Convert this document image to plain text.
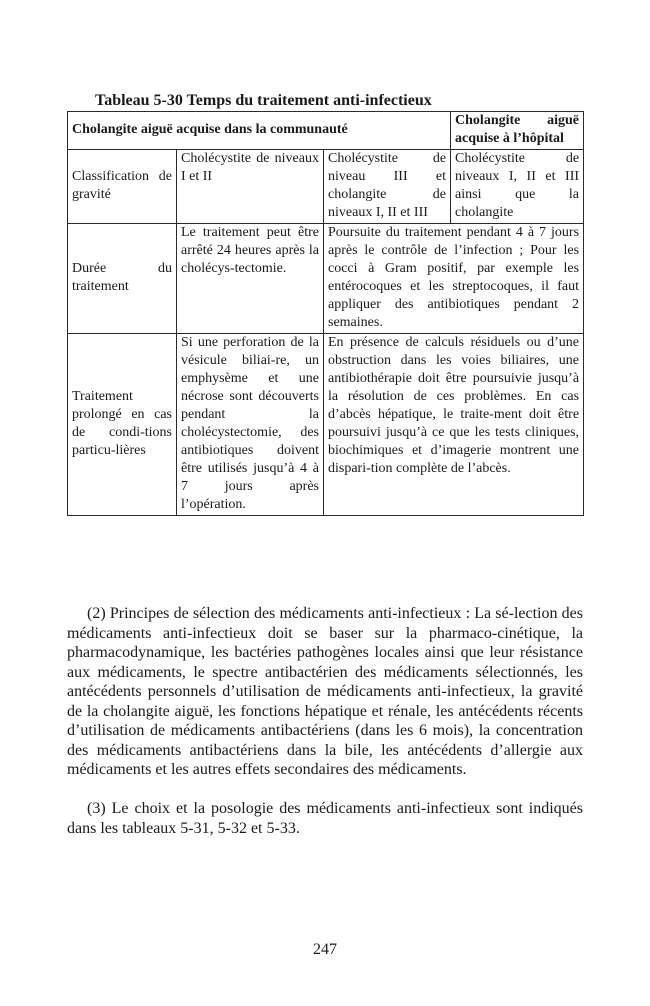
Tableau 5-30 Temps du traitement anti-infectieux
Cholangite aiguë acquise dans la communauté			Cholangite aiguë acquise à l’hôpital
Classification de gravité	Cholécystite de niveaux I et II	Cholécystite de niveau III et cholangite de niveaux I, II et III	Cholécystite de niveaux I, II et III ainsi que la cholangite
Durée du traitement	Le traitement peut être arrêté 24 heures après la cholécys-tectomie.	Poursuite du traitement pendant 4 à 7 jours après le contrôle de l’infection ; Pour les cocci à Gram positif, par exemple les entérocoques et les streptocoques, il faut appliquer des antibiotiques pendant 2 semaines.	
Traitement prolongé en cas de condi-tions particu-lières	Si une perforation de la vésicule biliai-re, un emphysème et une nécrose sont découverts pendant la cholécystectomie, des antibiotiques doivent être utilisés jusqu’à 4 à 7 jours après l’opération.	En présence de calculs résiduels ou d’une obstruction dans les voies biliaires, une antibiothérapie doit être poursuivie jusqu’à la résolution de ces problèmes. En cas d’abcès hépatique, le traite-ment doit être poursuivi jusqu’à ce que les tests cliniques, biochimiques et d’imagerie montrent une dispari-tion complète de l’abcès.	

(2) Principes de sélection des médicaments anti-infectieux : La sé-lection des médicaments anti-infectieux doit se baser sur la pharmaco-cinétique, la pharmacodynamique, les bactéries pathogènes locales ainsi que leur résistance aux médicaments, le spectre antibactérien des médicaments sélectionnés, les antécédents personnels d’utilisation de médicaments anti-infectieux, la gravité de la cholangite aiguë, les fonctions hépatique et rénale, les antécédents récents d’utilisation de médicaments antibactériens (dans les 6 mois), la concentration des médicaments antibactériens dans la bile, les antécédents d’allergie aux médicaments et les autres effets secondaires des médicaments.

(3) Le choix et la posologie des médicaments anti-infectieux sont indiqués dans les tableaux 5-31, 5-32 et 5-33.

247
